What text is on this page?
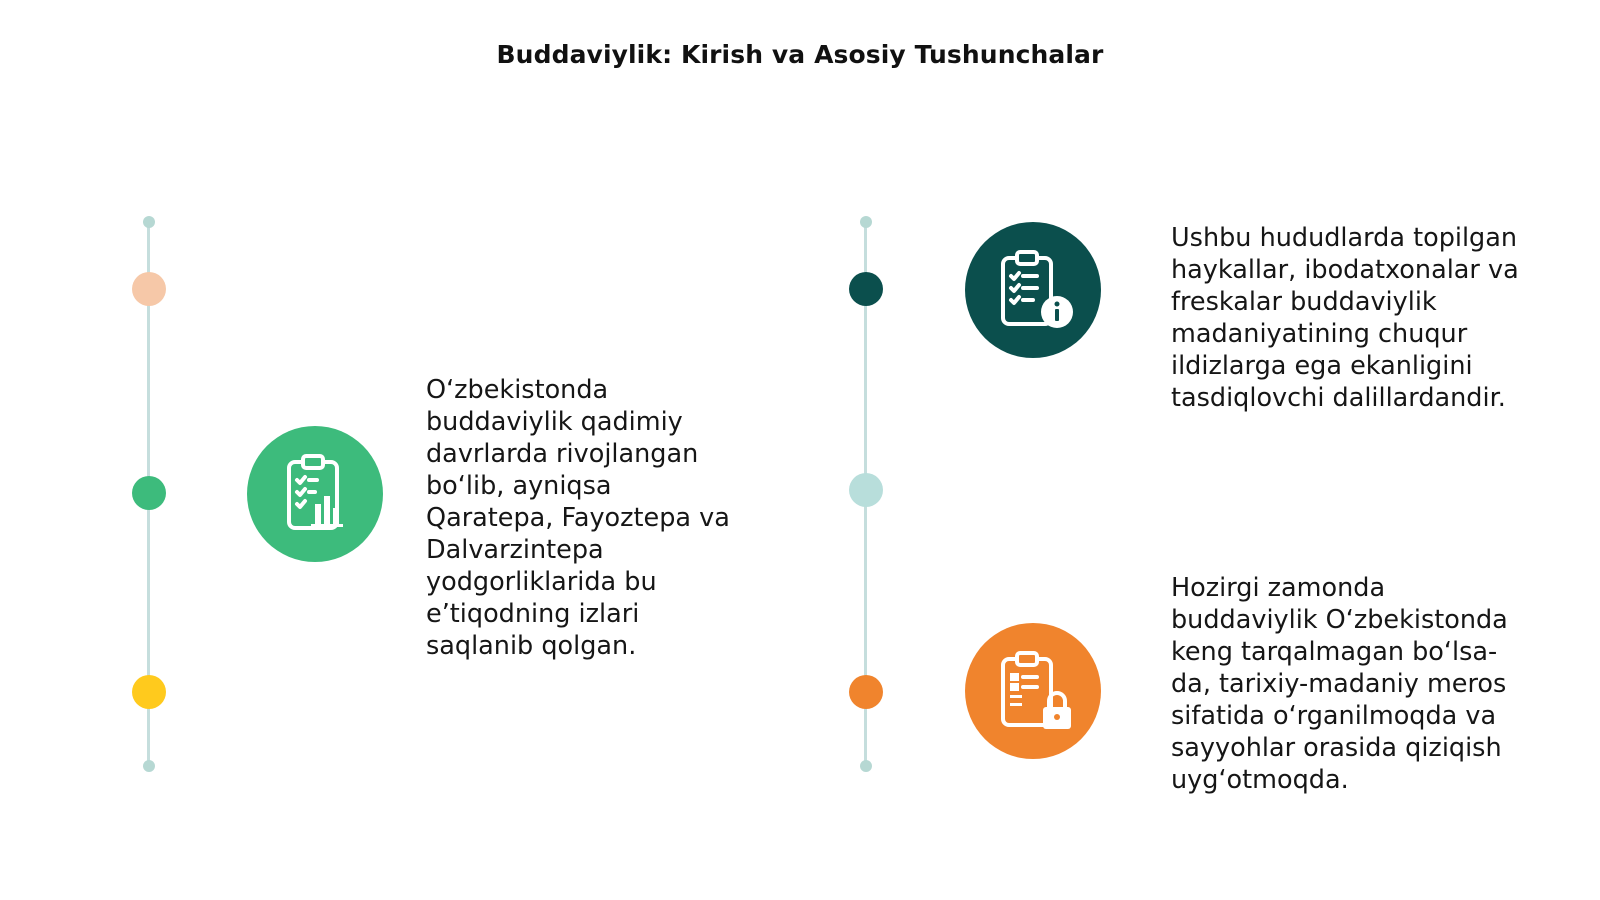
Buddaviylik: Kirish va Asosiy Tushunchalar
O‘zbekistonda
buddaviylik qadimiy
davrlarda rivojlangan
bo‘lib, ayniqsa
Qaratepa, Fayoztepa va
Dalvarzintepa
yodgorliklarida bu
e’tiqodning izlari
saqlanib qolgan.
Ushbu hududlarda topilgan
haykallar, ibodatxonalar va
freskalar buddaviylik
madaniyatining chuqur
ildizlarga ega ekanligini
tasdiqlovchi dalillardandir.
Hozirgi zamonda
buddaviylik O‘zbekistonda
keng tarqalmagan bo‘lsa-
da, tarixiy-madaniy meros
sifatida o‘rganilmoqda va
sayyohlar orasida qiziqish
uyg‘otmoqda.
